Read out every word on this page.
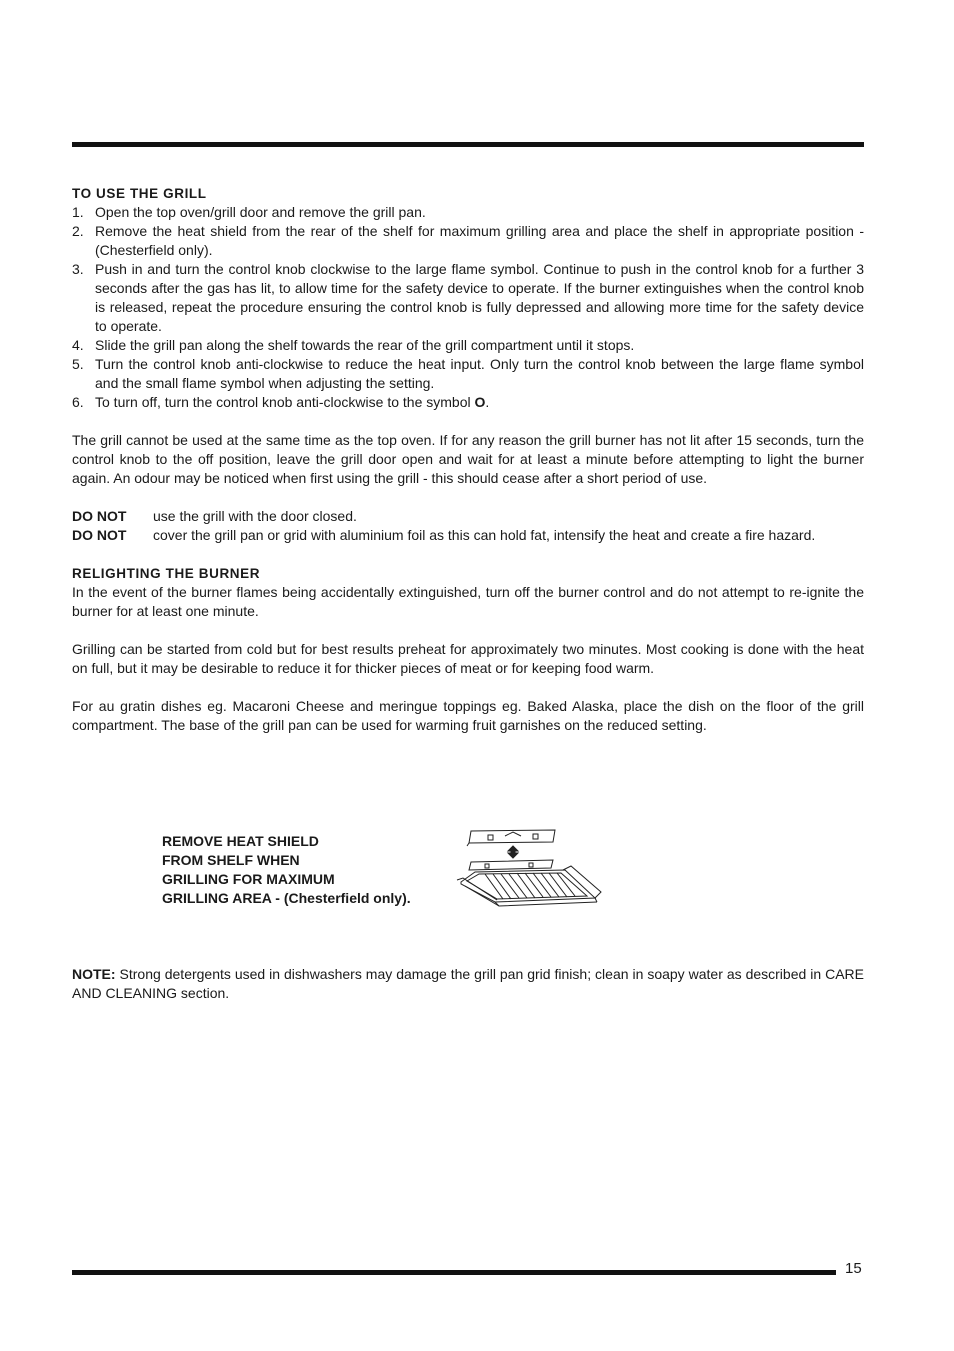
TO USE THE GRILL
1. Open the top oven/grill door and remove the grill pan.
2. Remove the heat shield from the rear of the shelf for maximum grilling area and place the shelf in appropriate position - (Chesterfield only).
3. Push in and turn the control knob clockwise to the large flame symbol. Continue to push in the control knob for a further 3 seconds after the gas has lit, to allow time for the safety device to operate. If the burner extinguishes when the control knob is released, repeat the procedure ensuring the control knob is fully depressed and allowing more time for the safety device to operate.
4. Slide the grill pan along the shelf towards the rear of the grill compartment until it stops.
5. Turn the control knob anti-clockwise to reduce the heat input. Only turn the control knob between the large flame symbol and the small flame symbol when adjusting the setting.
6. To turn off, turn the control knob anti-clockwise to the symbol O.

The grill cannot be used at the same time as the top oven. If for any reason the grill burner has not lit after 15 seconds, turn the control knob to the off position, leave the grill door open and wait for at least a minute before attempting to light the burner again. An odour may be noticed when first using the grill - this should cease after a short period of use.

DO NOT	use the grill with the door closed.
DO NOT	cover the grill pan or grid with aluminium foil as this can hold fat, intensify the heat and create a fire hazard.
RELIGHTING THE BURNER

In the event of the burner flames being accidentally extinguished, turn off the burner control and do not attempt to re-ignite the burner for at least one minute.

Grilling can be started from cold but for best results preheat for approximately two minutes. Most cooking is done with the heat on full, but it may be desirable to reduce it for thicker pieces of meat or for keeping food warm.

For au gratin dishes eg. Macaroni Cheese and meringue toppings eg. Baked Alaska, place the dish on the floor of the grill compartment. The base of the grill pan can be used for warming fruit garnishes on the reduced setting.

REMOVE HEAT SHIELD
FROM SHELF WHEN
GRILLING FOR MAXIMUM
GRILLING AREA - (Chesterfield only).

NOTE: Strong detergents used in dishwashers may damage the grill pan grid finish; clean in soapy water as described in CARE AND CLEANING section.

15
